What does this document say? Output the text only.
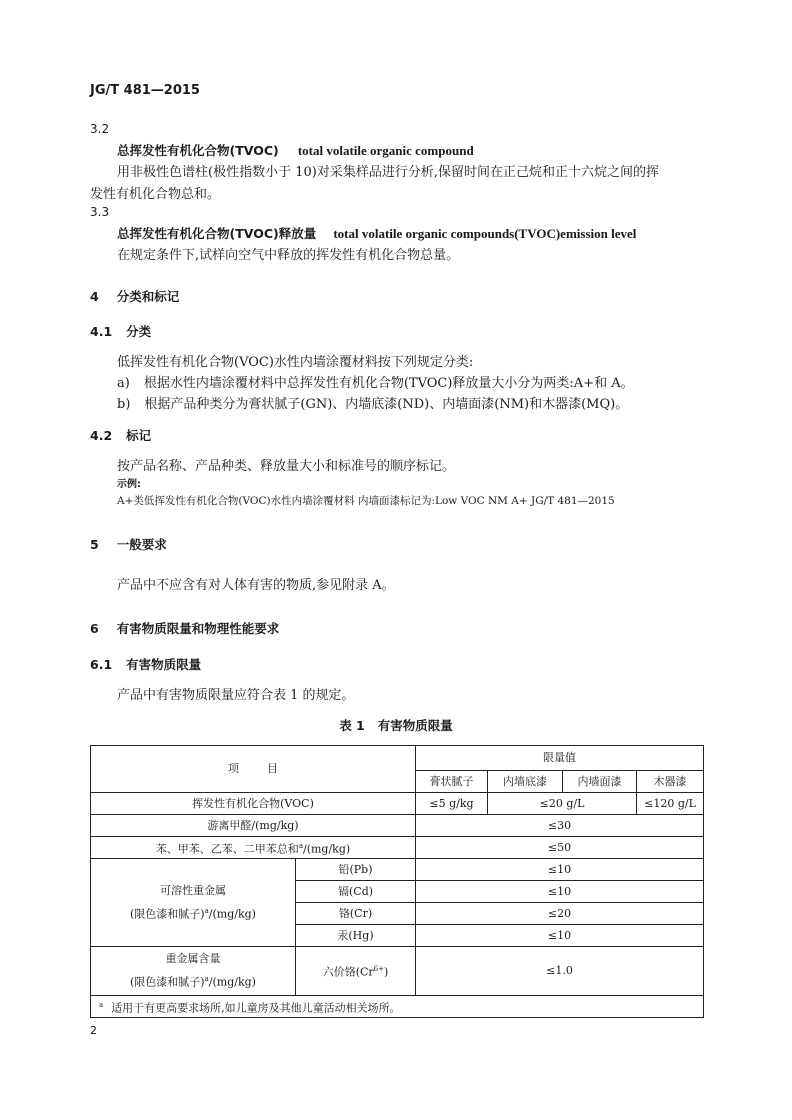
JG/T 481—2015
3.2
总挥发性有机化合物(TVOC) total volatile organic compound
用非极性色谱柱(极性指数小于 10)对采集样品进行分析,保留时间在正己烷和正十六烷之间的挥
发性有机化合物总和。
3.3
总挥发性有机化合物(TVOC)释放量 total volatile organic compounds(TVOC)emission level
在规定条件下,试样向空气中释放的挥发性有机化合物总量。
4 分类和标记
4.1 分类
低挥发性有机化合物(VOC)水性内墙涂覆材料按下列规定分类:
a) 根据水性内墙涂覆材料中总挥发性有机化合物(TVOC)释放量大小分为两类:A+和 A。
b) 根据产品种类分为膏状腻子(GN)、内墙底漆(ND)、内墙面漆(NM)和木器漆(MQ)。
4.2 标记
按产品名称、产品种类、释放量大小和标准号的顺序标记。
示例:
A+类低挥发性有机化合物(VOC)水性内墙涂覆材料 内墙面漆标记为:Low VOC NM A+ JG/T 481—2015
5 一般要求
产品中不应含有对人体有害的物质,参见附录 A。
6 有害物质限量和物理性能要求
6.1 有害物质限量
产品中有害物质限量应符合表 1 的规定。
表 1   有害物质限量
项        目		限量值			
		膏状腻子	内墙底漆	内墙面漆	木器漆
挥发性有机化合物(VOC)		≤5 g/kg	≤20 g/L		≤120 g/L
游离甲醛/(mg/kg)		≤30			
苯、甲苯、乙苯、二甲苯总和$^a$/(mg/kg)		≤50			

可溶性重金属
(限色漆和腻子)$^a$/(mg/kg)	铅(Pb)	≤10			
	镉(Cd)	≤10			
	铬(Cr)	≤20			
	汞(Hg)	≤10			

重金属含量
(限色漆和腻子)$^a$/(mg/kg)	六价铬$(Cr^{6+})$	≤1.0			
$^a$ 适用于有更高要求场所,如儿童房及其他儿童活动相关场所。					
2
